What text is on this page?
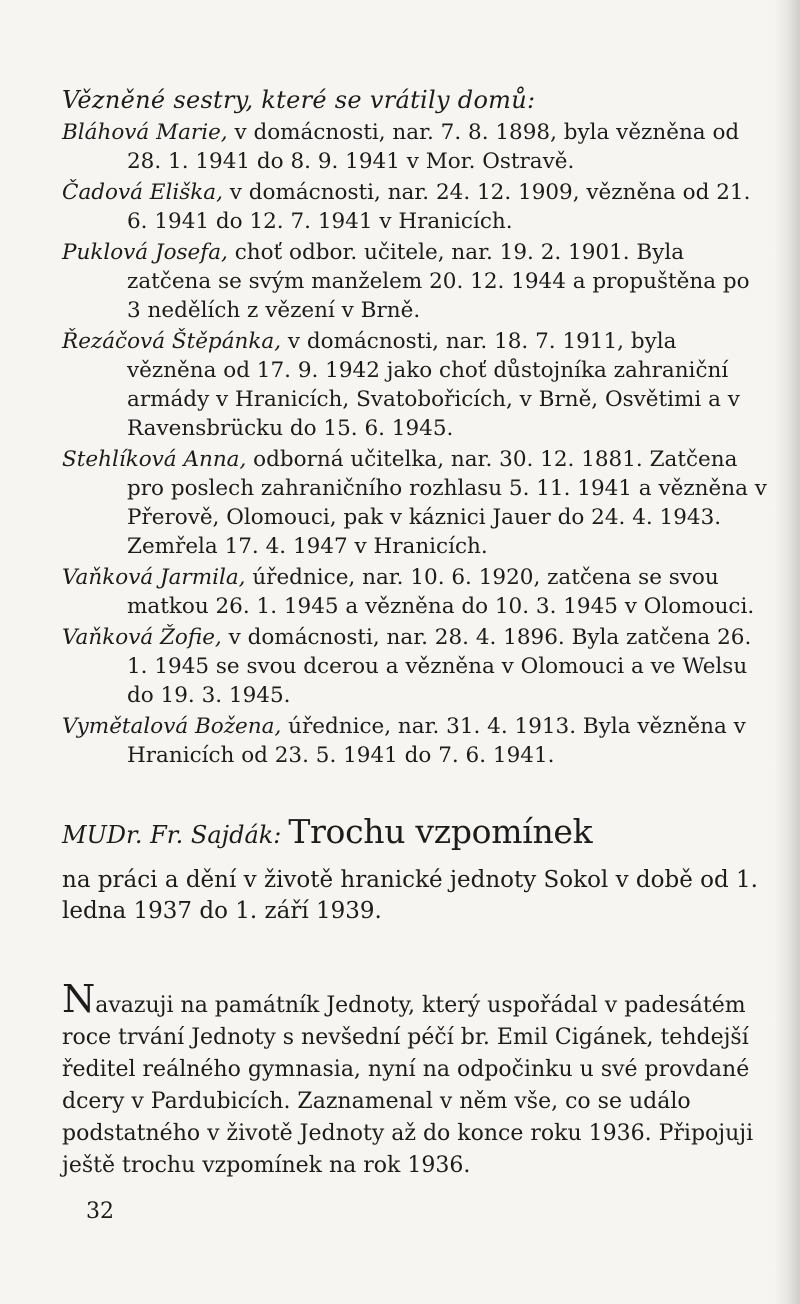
Vězněné sestry, které se vrátily domů:

Bláhová Marie, v domácnosti, nar. 7. 8. 1898, byla vězněna od 28. 1. 1941 do 8. 9. 1941 v Mor. Ostravě.
Čadová Eliška, v domácnosti, nar. 24. 12. 1909, vězněna od 21. 6. 1941 do 12. 7. 1941 v Hranicích.
Puklová Josefa, choť odbor. učitele, nar. 19. 2. 1901. Byla zatčena se svým manželem 20. 12. 1944 a propuštěna po 3 nedělích z vězení v Brně.
Řezáčová Štěpánka, v domácnosti, nar. 18. 7. 1911, byla vězněna od 17. 9. 1942 jako choť důstojníka zahraniční armády v Hranicích, Svatobořicích, v Brně, Osvětimi a v Ravensbrücku do 15. 6. 1945.
Stehlíková Anna, odborná učitelka, nar. 30. 12. 1881. Zatčena pro poslech zahraničního rozhlasu 5. 11. 1941 a vězněna v Přerově, Olomouci, pak v káznici Jauer do 24. 4. 1943. Zemřela 17. 4. 1947 v Hranicích.
Vaňková Jarmila, úřednice, nar. 10. 6. 1920, zatčena se svou matkou 26. 1. 1945 a vězněna do 10. 3. 1945 v Olomouci.
Vaňková Žofie, v domácnosti, nar. 28. 4. 1896. Byla zatčena 26. 1. 1945 se svou dcerou a vězněna v Olomouci a ve Welsu do 19. 3. 1945.
Vymětalová Božena, úřednice, nar. 31. 4. 1913. Byla vězněna v Hranicích od 23. 5. 1941 do 7. 6. 1941.

MUDr. Fr. Sajdák: Trochu vzpomínek

na práci a dění v životě hranické jednoty Sokol v době od 1. ledna 1937 do 1. září 1939.

Navazuji na památník Jednoty, který uspořádal v padesátém roce trvání Jednoty s nevšední péčí br. Emil Cigánek, tehdejší ředitel reálného gymnasia, nyní na odpočinku u své provdané dcery v Pardubicích. Zaznamenal v něm vše, co se událo podstatného v životě Jednoty až do konce roku 1936. Připojuji ještě trochu vzpomínek na rok 1936.

32
